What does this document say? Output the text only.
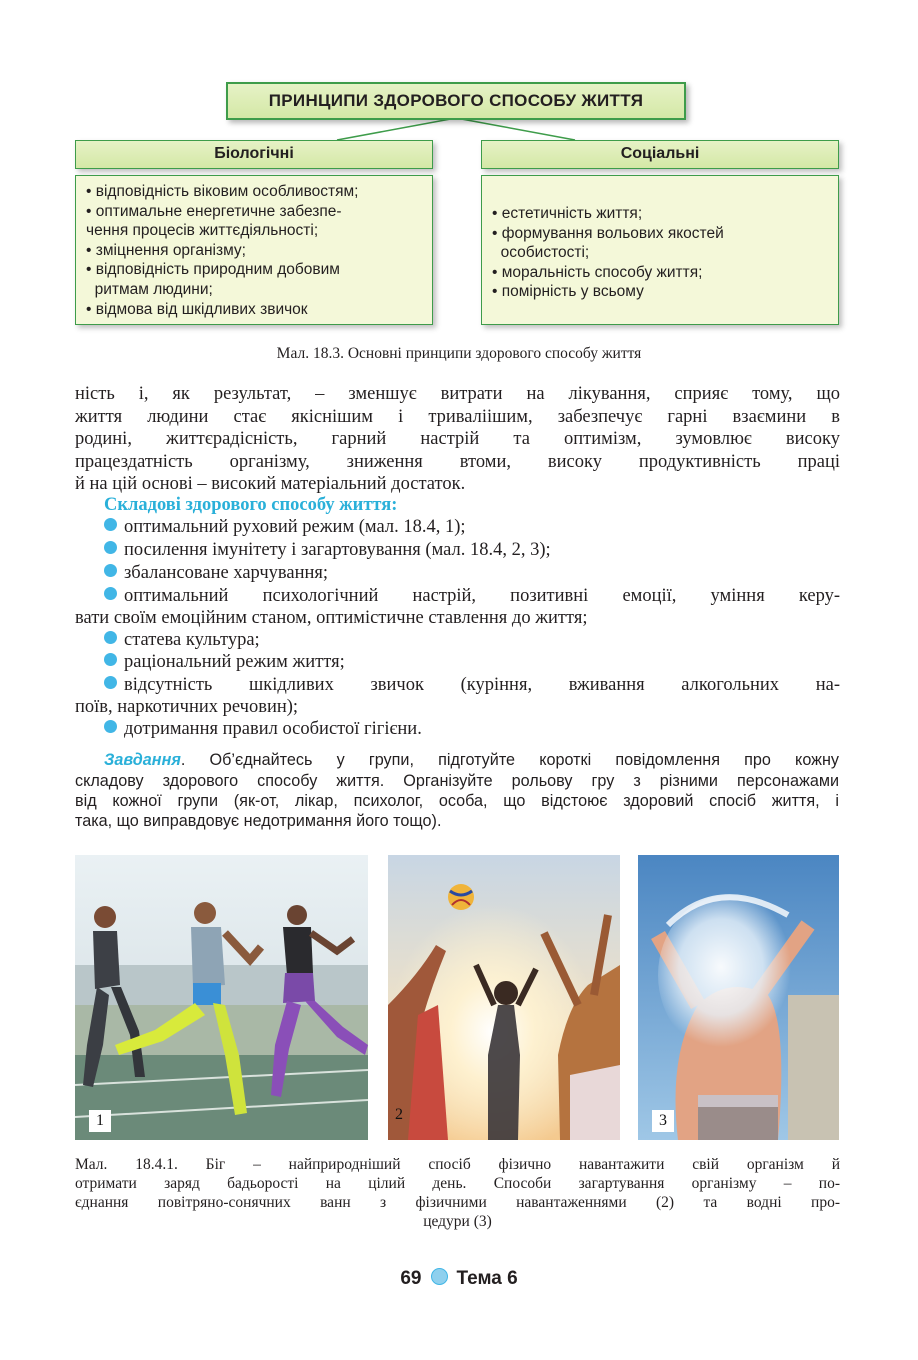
ПРИНЦИПИ ЗДОРОВОГО СПОСОБУ ЖИТТЯ
Біологічні	Соціальні
• відповідність віковим особливостям;
• оптимальне енергетичне забезпе-
чення процесів життєдіяльності;
• зміцнення організму;
• відповідність природним добовим
ритмам людини;
• відмова від шкідливих звичок
• естетичність життя;
• формування вольових якостей
особистості;
• моральність способу життя;
• помірність у всьому
Мал. 18.3. Основні принципи здорового способу життя
ність і, як результат, – зменшує витрати на лікування, сприяє тому, що
життя людини стає якіснішим і триваліішим, забезпечує гарні взаємини в
родині, життєрадісність, гарний настрій та оптимізм, зумовлює високу
працездатність організму, зниження втоми, високу продуктивність праці
й на цій основі – високий матеріальний достаток.
Складові здорового способу життя:
оптимальний руховий режим (мал. 18.4, 1);
посилення імунітету і загартовування (мал. 18.4, 2, 3);
збалансоване харчування;
оптимальний психологічний настрій, позитивні емоції, уміння керу-
вати своїм емоційним станом, оптимістичне ставлення до життя;
статева культура;
раціональний режим життя;
відсутність шкідливих звичок (куріння, вживання алкогольних на-
поїв, наркотичних речовин);
дотримання правил особистої гігієни.
Завдання. Об’єднайтесь у групи, підготуйте короткі повідомлення про кожну
складову здорового способу життя. Організуйте рольову гру з різними персонажами
від кожної групи (як-от, лікар, психолог, особа, що відстоює здоровий спосіб життя, і
така, що виправдовує недотримання його тощо).
1	2	3
Мал. 18.4.1. Біг – найприродніший спосіб фізично навантажити свій організм й
отримати заряд бадьорості на цілий день. Способи загартування організму – по-
єднання повітряно-сонячних ванн з фізичними навантаженнями (2) та водні про-
цедури (3)
69 Тема 6
